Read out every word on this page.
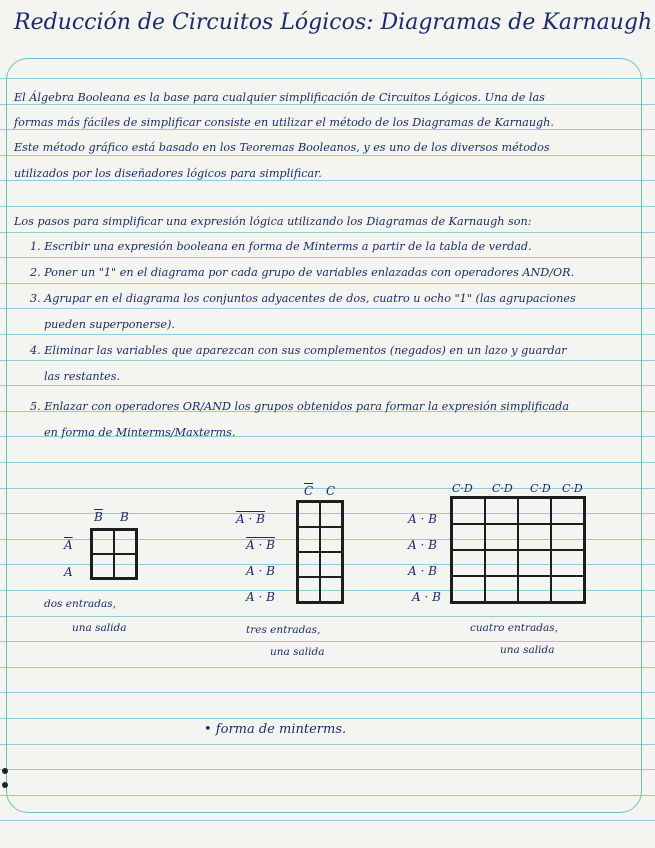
Reducción de Circuitos Lógicos: Diagramas de Karnaugh
El Álgebra Booleana es la base para cualquier simplificación de Circuitos Lógicos. Una de las
formas más fáciles de simplificar consiste en utilizar el método de los Diagramas de Karnaugh.
Este método gráfico está basado en los Teoremas Booleanos, y es uno de los diversos métodos
utilizados por los diseñadores lógicos para simplificar.
Los pasos para simplificar una expresión lógica utilizando los Diagramas de Karnaugh son:
1. Escribir una expresión booleana en forma de Minterms a partir de la tabla de verdad.
2. Poner un "1" en el diagrama por cada grupo de variables enlazadas con operadores AND/OR.
3. Agrupar en el diagrama los conjuntos adyacentes de dos, cuatro u ocho "1" (las agrupaciones
pueden superponerse).
4. Eliminar las variables que aparezcan con sus complementos (negados) en un lazo y guardar
las restantes.
5. Enlazar con operadores OR/AND los grupos obtenidos para formar la expresión simplificada
en forma de Minterms/Maxterms.
$\overline{B}$ B
$\overline{A}$
A
dos entradas,
una salida
$\overline{C}$ C
A · B
A · B
A · B
A · B
tres entradas,
una salida
C·D C·D C·D C·D
A · B
A · B
A · B
A · B
cuatro entradas,
una salida
• forma de minterms.
